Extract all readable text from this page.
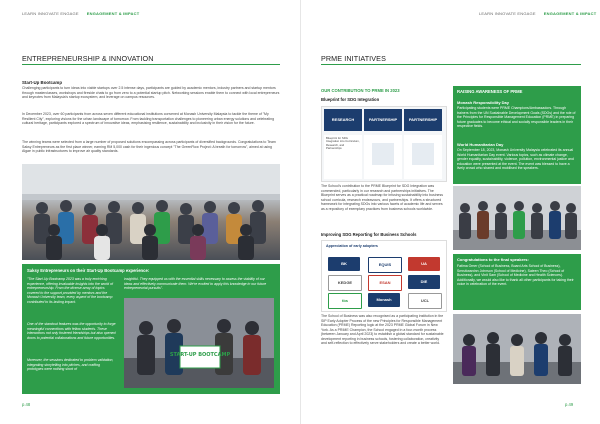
LEARN INNOVATE ENGAGE ENGAGEMENT & IMPACT
ENTREPRENEURSHIP & INNOVATION
Start-Up Bootcamp
Challenging participants to turn ideas into viable startups over 2.5 intense days, participants are guided by academic mentors, industry partners and startup mentors through masterclasses, workshops and fireside chats to go from zero to a potential startup pitch. Networking sessions enable them to connect with local entrepreneurs and keynotes from Malaysia's startup ecosystem, and leverage on campus resources.
In December 2023, over 60 participants from across seven different educational institutions convened at Monash University Malaysia to tackle the theme of "My Resilient City", exploring visions for the urban landscape of tomorrow. From tackling transportation challenges to pioneering urban energy solutions and celebrating cultural heritage, participants explored a spectrum of innovative ideas, emphasising resilience, sustainability and inclusivity in their vision for the future.
The winning teams were selected from a large number of proposed solutions encompassing across participants of diversified backgrounds. Congratulations to Team Saksy Entrepreneurs as the first place winner, earning RM 5,000 cash for their ingenious concept "The GreenFlow Project: A breath for tomorrow", aimed at using Algae in public infrastructures to improve air quality standards.
Saksy Entrepreneurs on their Start-Up Bootcamp experience:
"The Start-Up Bootcamp 2023 was a truly enriching experience, offering invaluable insights into the world of entrepreneurship. From the diverse array of topics covered to the support provided by mentors and the Monash University team, every aspect of the bootcamp contributed to its lasting impact.
One of the standout features was the opportunity to forge meaningful connections with fellow students. These interactions not only fostered friendships but also opened doors to potential collaborations and future opportunities.
Moreover, the sessions dedicated to problem validation, integrating storytelling into pitches, and crafting prototypes were nothing short of
insightful. They equipped us with the essential skills necessary to assess the viability of our ideas and effectively communicate them. We're excited to apply this knowledge in our future entrepreneurial pursuits".
START-UP BOOTCAMP
p.48
LEARN INNOVATE ENGAGE ENGAGEMENT & IMPACT
PRME INITIATIVES
OUR CONTRIBUTION TO PRME IN 2023
Blueprint for SDG Integration
RESEARCH	PARTNERSHIP	PARTNERSHIP
Blueprint for SDG Integration into Curriculum, Research, and Partnerships
The School's contribution to the PRME Blueprint for SDG Integration was commended, particularly in our research and partnerships initiatives. The Blueprint serves as a practical roadmap for infusing sustainability into business school curricula, research endeavours, and partnerships. It offers a structured framework for integrating SDGs into various facets of academic life and serves as a repository of exemplary practices from business schools worldwide.
Improving SDG Reporting for Business Schools
Appreciation of early adopters
BK	EQUIS	UA
KEDGE	ESAN	DIE
tbs	Monash	UCL
The School of Business was also recognised as a participating institution in the SIP Early Adopter Process of the new Principles for Responsible Management Education (PRME) Reporting logic at the 2023 PRME Global Forum in New York. As a PRIME Champion, the School engaged in a four-month process (between January and April 2023) to establish a global standard for sustainable development reporting in business schools, fostering collaboration, creativity and self-reflection to effectively serve stakeholders and create a better world.
RAISING AWARENESS OF PRME
Monash Responsibility Day
Participating students were PRME Champions/Ambassadors. Through trainers from the UN Sustainable Development Goals (SDGs) and the role of the Principles for Responsible Management Education (PRME) in preparing future graduates to become ethical and socially responsible leaders in their respective fields.
World Humanitarian Day
On September 18, 2023, Monash University Malaysia celebrated its annual World Humanitarian Day event. Various topics, such as climate change, gender equality, sustainability, violence, pollution, environmental justice and education were presented at the event. The event was blessed to have a lively crowd who shared and mobilised the speakers.
Congratulations to the final speakers:
Fatima Omer (School of Business, Board Arts School of Business), Smrutiwardnn Johnson (School of Medicine), Saieen Theo (School of Business), and Vinit Sam (School of Medicine and Health Sciences). Additionally, we would also like to thank all other participants for taking their voice in celebration of the event.
p.49
